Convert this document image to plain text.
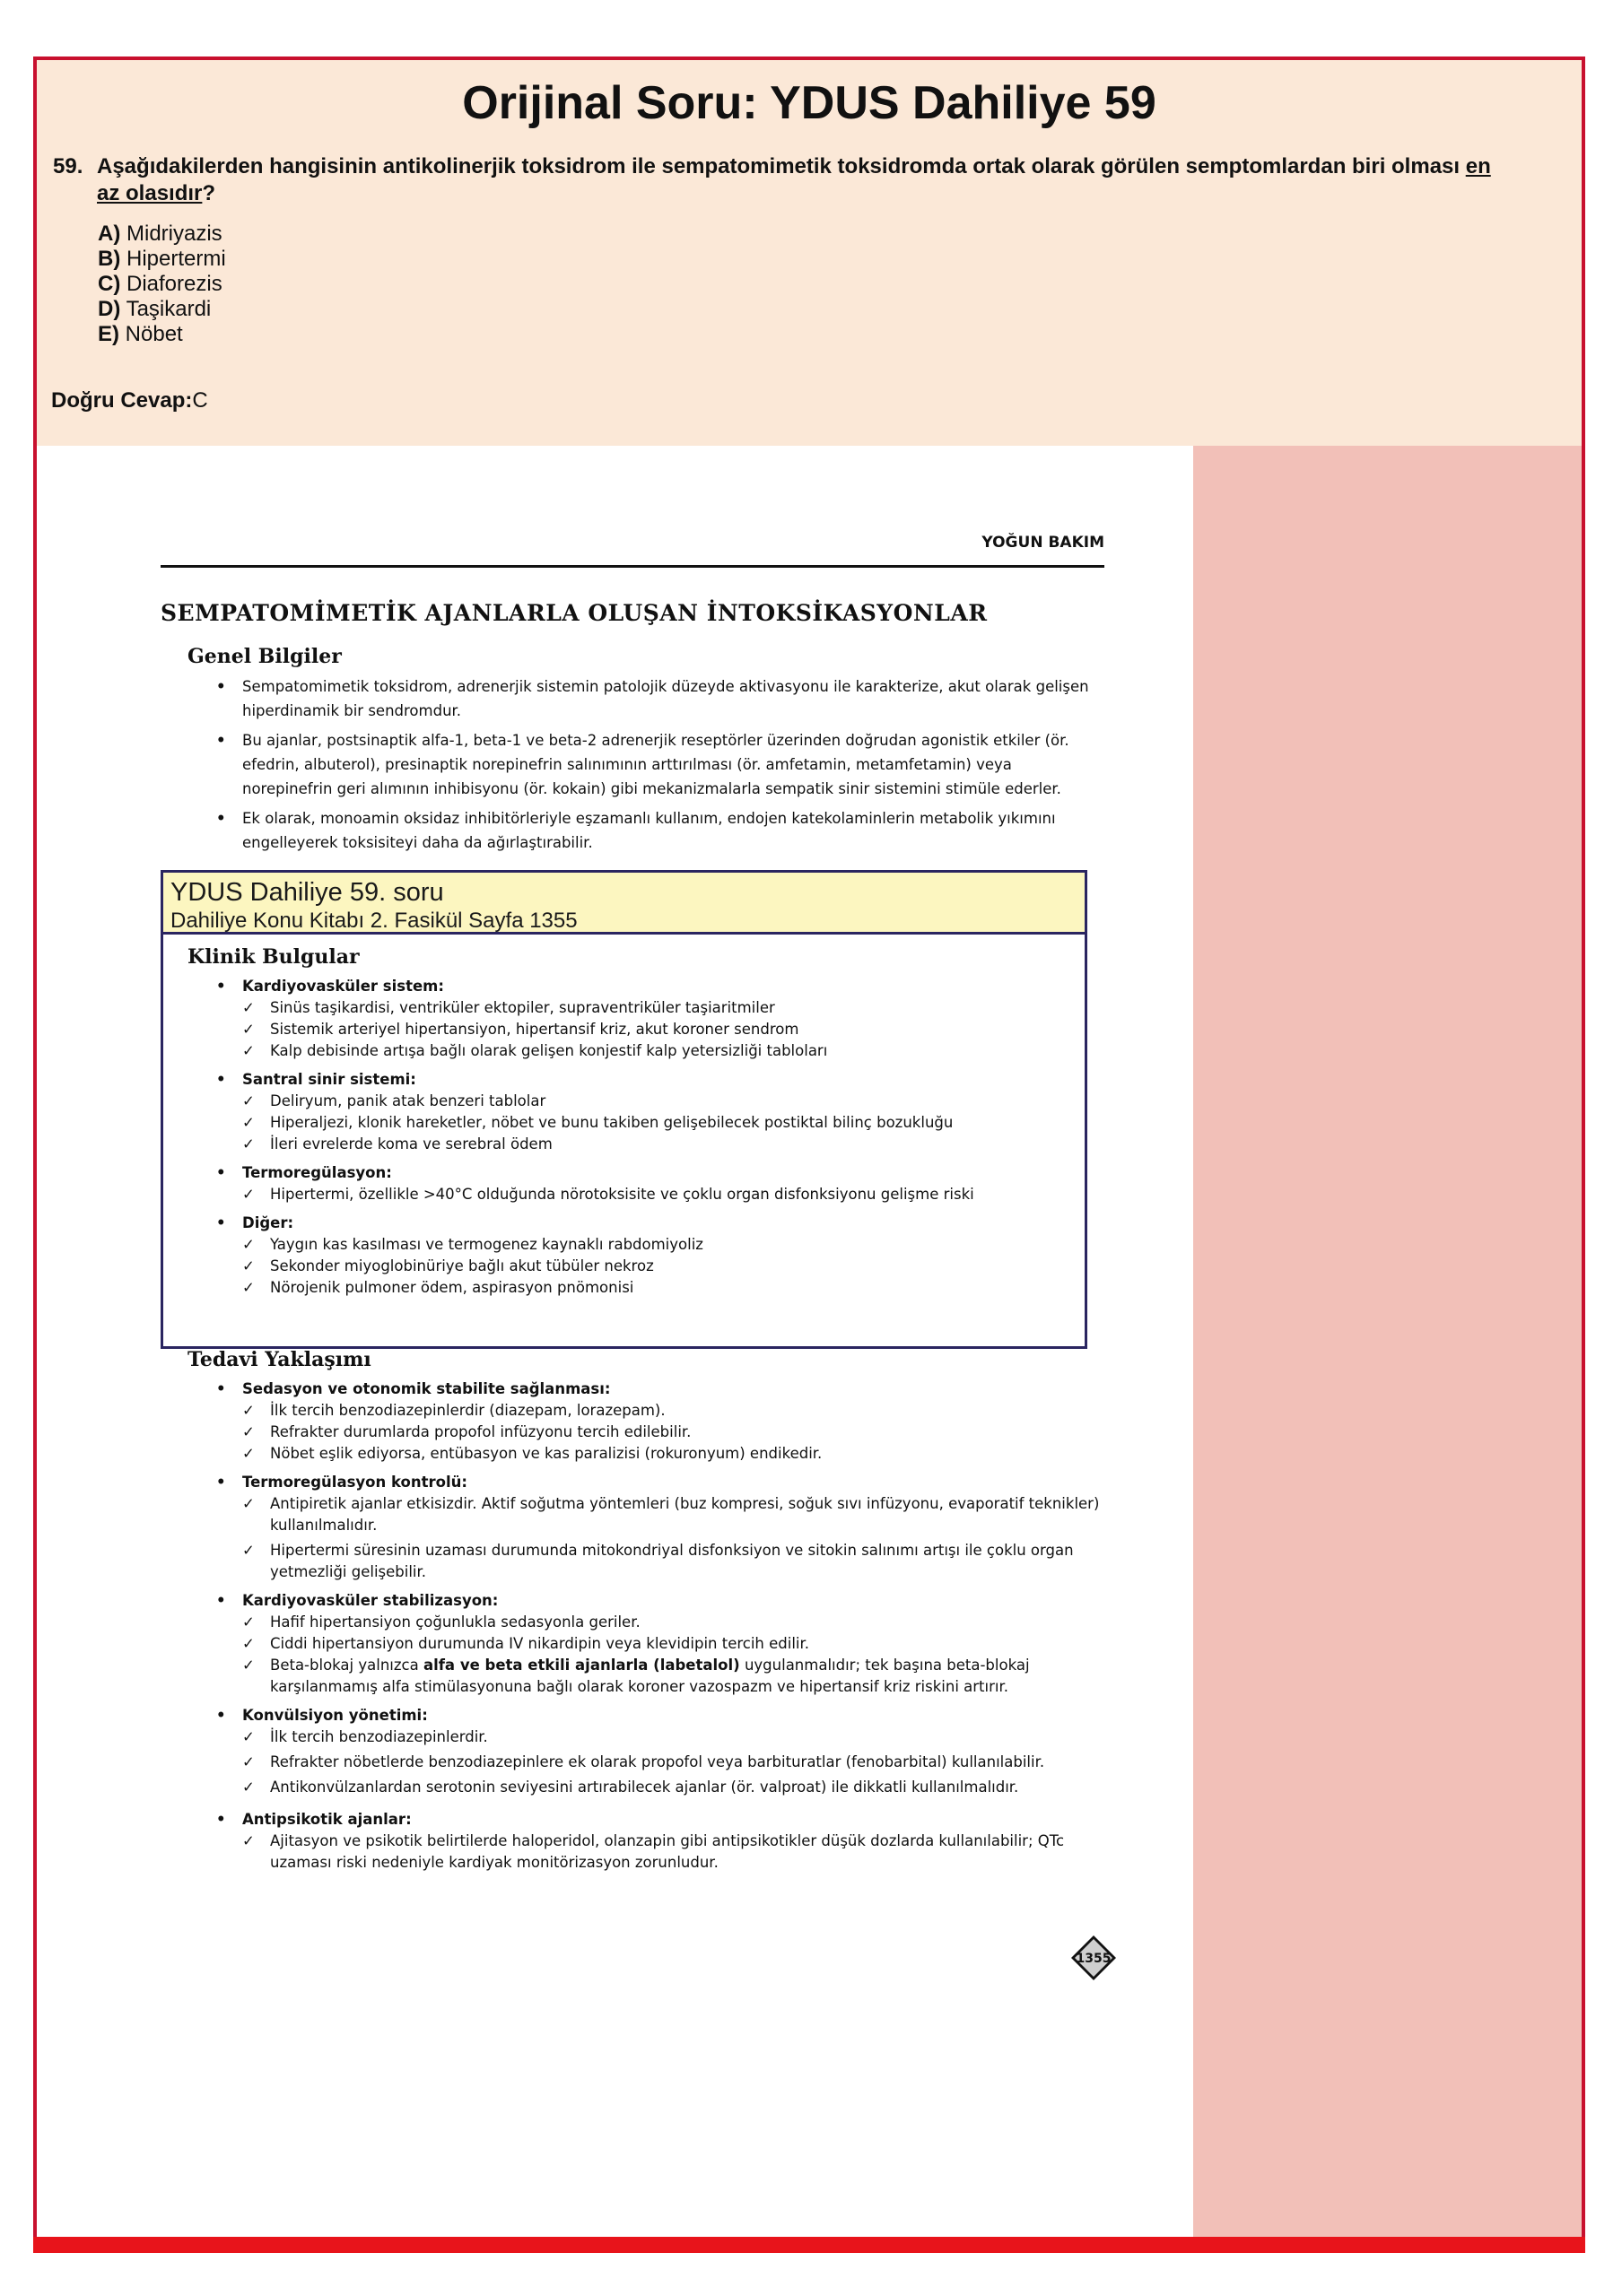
Orijinal Soru: YDUS Dahiliye 59
59. Aşağıdakilerden hangisinin antikolinerjik toksidrom ile sempatomimetik toksidromda ortak olarak görülen semptomlardan biri olması en az olasıdır?
A) Midriyazis
B) Hipertermi
C) Diaforezis
D) Taşikardi
E) Nöbet
Doğru Cevap:C
YOĞUN BAKIM
SEMPATOMİMETİK AJANLARLA OLUŞAN İNTOKSİKASYONLAR
Genel Bilgiler
• Sempatomimetik toksidrom, adrenerjik sistemin patolojik düzeyde aktivasyonu ile karakterize, akut olarak gelişen hiperdinamik bir sendromdur.
• Bu ajanlar, postsinaptik alfa-1, beta-1 ve beta-2 adrenerjik reseptörler üzerinden doğrudan agonistik etkiler (ör. efedrin, albuterol), presinaptik norepinefrin salınımının arttırılması (ör. amfetamin, metamfetamin) veya norepinefrin geri alımının inhibisyonu (ör. kokain) gibi mekanizmalarla sempatik sinir sistemini stimüle ederler.
• Ek olarak, monoamin oksidaz inhibitörleriyle eşzamanlı kullanım, endojen katekolaminlerin metabolik yıkımını engelleyerek toksisiteyi daha da ağırlaştırabilir.
YDUS Dahiliye 59. soru
Dahiliye Konu Kitabı 2. Fasikül Sayfa 1355
Klinik Bulgular
• Kardiyovasküler sistem:
✓ Sinüs taşikardisi, ventriküler ektopiler, supraventriküler taşiaritmiler
✓ Sistemik arteriyel hipertansiyon, hipertansif kriz, akut koroner sendrom
✓ Kalp debisinde artışa bağlı olarak gelişen konjestif kalp yetersizliği tabloları
• Santral sinir sistemi:
✓ Deliryum, panik atak benzeri tablolar
✓ Hiperaljezi, klonik hareketler, nöbet ve bunu takiben gelişebilecek postiktal bilinç bozukluğu
✓ İleri evrelerde koma ve serebral ödem
• Termoregülasyon:
✓ Hipertermi, özellikle >40°C olduğunda nörotoksisite ve çoklu organ disfonksiyonu gelişme riski
• Diğer:
✓ Yaygın kas kasılması ve termogenez kaynaklı rabdomiyoliz
✓ Sekonder miyoglobinüriye bağlı akut tübüler nekroz
✓ Nörojenik pulmoner ödem, aspirasyon pnömonisi
Tedavi Yaklaşımı
• Sedasyon ve otonomik stabilite sağlanması:
✓ İlk tercih benzodiazepinlerdir (diazepam, lorazepam).
✓ Refrakter durumlarda propofol infüzyonu tercih edilebilir.
✓ Nöbet eşlik ediyorsa, entübasyon ve kas paralizisi (rokuronyum) endikedir.
• Termoregülasyon kontrolü:
✓ Antipiretik ajanlar etkisizdir. Aktif soğutma yöntemleri (buz kompresi, soğuk sıvı infüzyonu, evaporatif teknikler) kullanılmalıdır.
✓ Hipertermi süresinin uzaması durumunda mitokondriyal disfonksiyon ve sitokin salınımı artışı ile çoklu organ yetmezliği gelişebilir.
• Kardiyovasküler stabilizasyon:
✓ Hafif hipertansiyon çoğunlukla sedasyonla geriler.
✓ Ciddi hipertansiyon durumunda IV nikardipin veya klevidipin tercih edilir.
✓ Beta-blokaj yalnızca alfa ve beta etkili ajanlarla (labetalol) uygulanmalıdır; tek başına beta-blokaj karşılanmamış alfa stimülasyonuna bağlı olarak koroner vazospazm ve hipertansif kriz riskini artırır.
• Konvülsiyon yönetimi:
✓ İlk tercih benzodiazepinlerdir.
✓ Refrakter nöbetlerde benzodiazepinlere ek olarak propofol veya barbituratlar (fenobarbital) kullanılabilir.
✓ Antikonvülzanlardan serotonin seviyesini artırabilecek ajanlar (ör. valproat) ile dikkatli kullanılmalıdır.
• Antipsikotik ajanlar:
✓ Ajitasyon ve psikotik belirtilerde haloperidol, olanzapin gibi antipsikotikler düşük dozlarda kullanılabilir; QTc uzaması riski nedeniyle kardiyak monitörizasyon zorunludur.
1355
